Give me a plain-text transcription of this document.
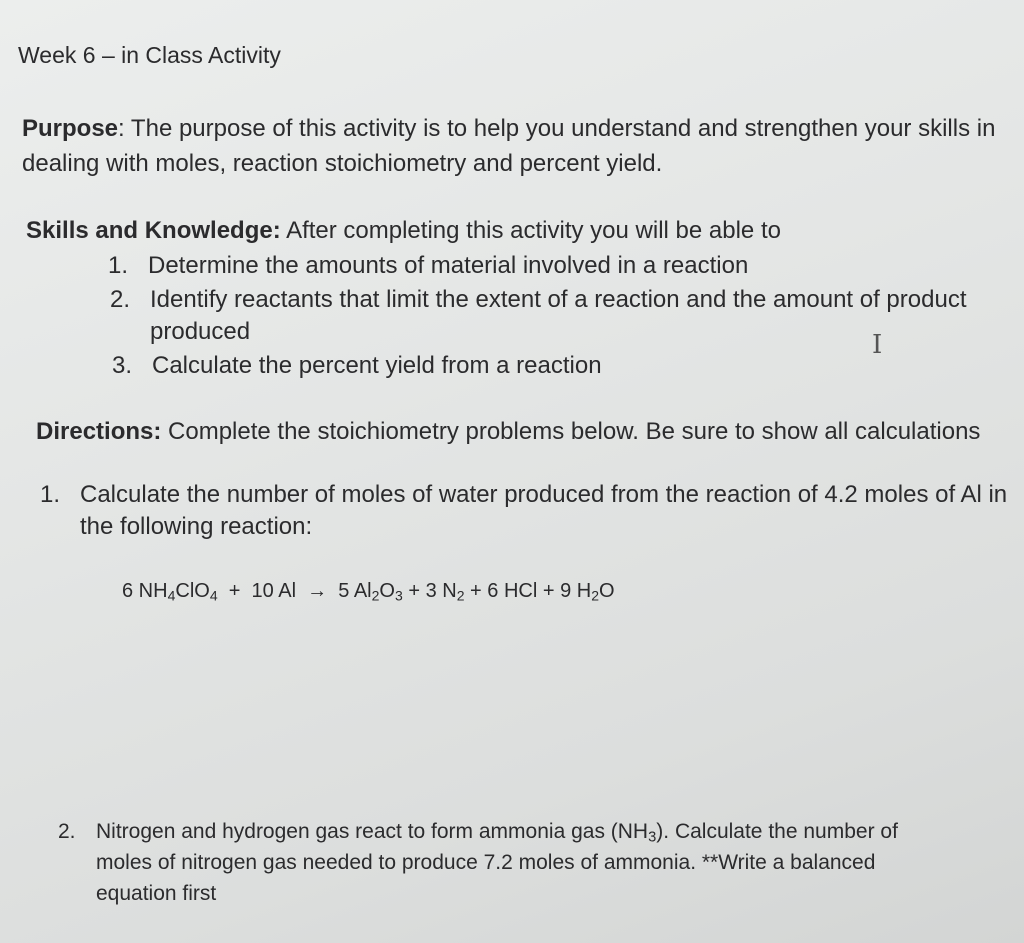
Week 6 – in Class Activity
Purpose: The purpose of this activity is to help you understand and strengthen your skills in
dealing with moles, reaction stoichiometry and percent yield.
Skills and Knowledge: After completing this activity you will be able to
1. Determine the amounts of material involved in a reaction
2. Identify reactants that limit the extent of a reaction and the amount of product
produced
3. Calculate the percent yield from a reaction
I
Directions: Complete the stoichiometry problems below. Be sure to show all calculations
1. Calculate the number of moles of water produced from the reaction of 4.2 moles of Al in
the following reaction:
6 $NH_4ClO_4 + 10$ Al  →  5 $Al_2O_3 + 3$ $N_2 + 6$ HCl + 9 $H_2O$
2. Nitrogen and hydrogen gas react to form ammonia gas $(NH_3)$. Calculate the number of
moles of nitrogen gas needed to produce 7.2 moles of ammonia. **Write a balanced
equation first
